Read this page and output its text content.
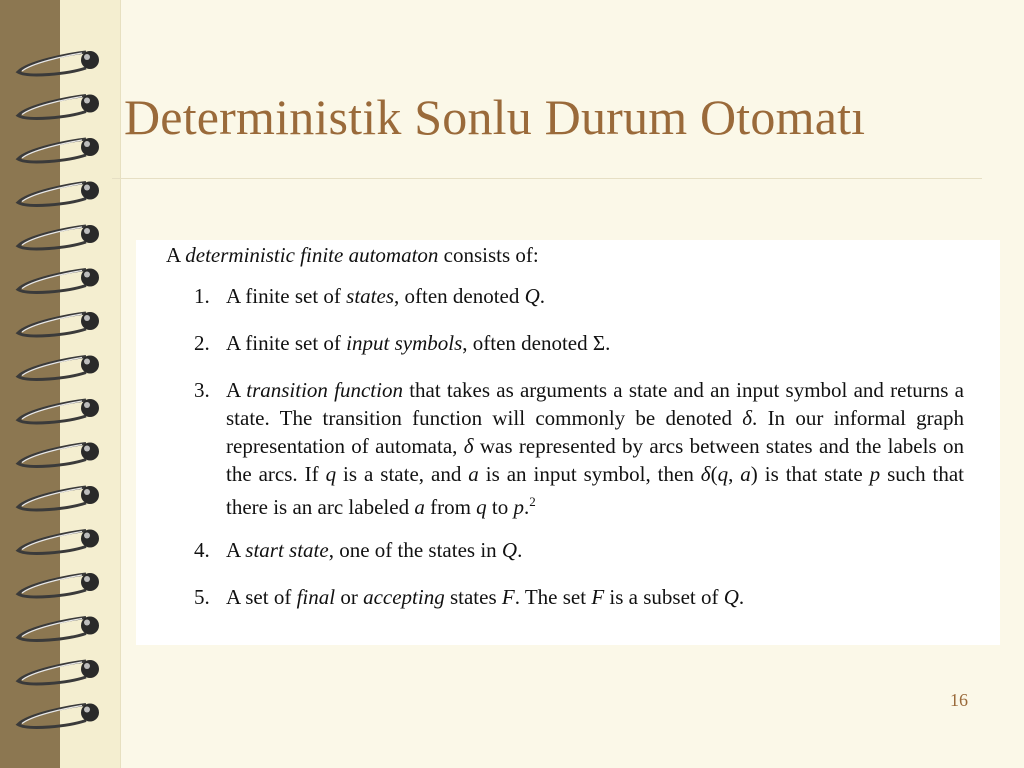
Deterministik Sonlu Durum Otomatı
A deterministic finite automaton consists of:
1. A finite set of states, often denoted Q.
2. A finite set of input symbols, often denoted Σ.
3. A transition function that takes as arguments a state and an input symbol and returns a state. The transition function will commonly be denoted δ. In our informal graph representation of automata, δ was represented by arcs between states and the labels on the arcs. If q is a state, and a is an input symbol, then δ(q, a) is that state p such that there is an arc labeled a from q to p.$^2$
4. A start state, one of the states in Q.
5. A set of final or accepting states F. The set F is a subset of Q.
16
